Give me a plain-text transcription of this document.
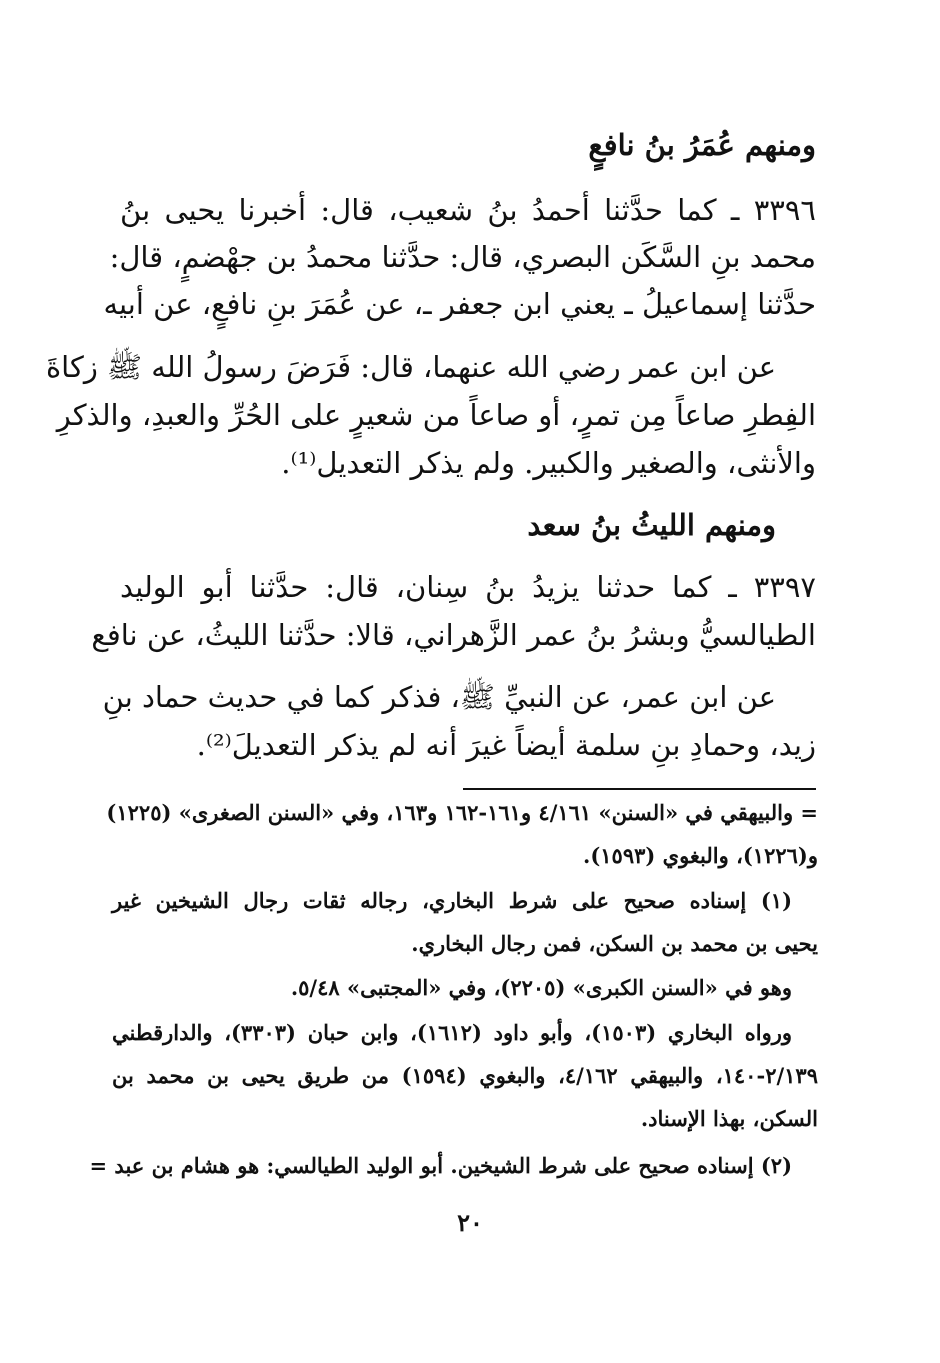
ومنهم عُمَرُ بنُ نافعٍ
٣٣٩٦ ـ كما حدَّثنا أحمدُ بنُ شعيب، قال: أخبرنا يحيى بنُ
محمد بنِ السَّكَن البصري، قال: حدَّثنا محمدُ بن جهْضمٍ، قال:
حدَّثنا إسماعيلُ ـ يعني ابن جعفر ـ، عن عُمَرَ بنِ نافعٍ، عن أبيه
عن ابن عمر رضي الله عنهما، قال: فَرَضَ رسولُ الله ﷺ زكاةَ
الفِطرِ صاعاً مِن تمرٍ، أو صاعاً من شعيرٍ على الحُرِّ والعبدِ، والذكرِ
والأنثى، والصغير والكبير. ولم يذكر التعديل⁽¹⁾.
ومنهم الليثُ بنُ سعد
٣٣٩٧ ـ كما حدثنا يزيدُ بنُ سِنان، قال: حدَّثنا أبو الوليد
الطيالسيُّ وبشرُ بنُ عمر الزَّهراني، قالا: حدَّثنا الليثُ، عن نافع
عن ابن عمر، عن النبيِّ ﷺ، فذكر كما في حديث حماد بنِ
زيد، وحمادِ بنِ سلمة أيضاً غيرَ أنه لم يذكر التعديلَ⁽²⁾.
= والبيهقي في «السنن» ٤/١٦١ و١٦١-١٦٢ و١٦٣، وفي «السنن الصغرى» (١٢٢٥)
و(١٢٢٦)، والبغوي (١٥٩٣).
(١) إسناده صحيح على شرط البخاري، رجاله ثقات رجال الشيخين غير
يحيى بن محمد بن السكن، فمن رجال البخاري.
وهو في «السنن الكبرى» (٢٢٠٥)، وفي «المجتبى» ٥/٤٨.
ورواه البخاري (١٥٠٣)، وأبو داود (١٦١٢)، وابن حبان (٣٣٠٣)، والدارقطني
٢/١٣٩-١٤٠، والبيهقي ٤/١٦٢، والبغوي (١٥٩٤) من طريق يحيى بن محمد بن
السكن، بهذا الإسناد.
(٢) إسناده صحيح على شرط الشيخين. أبو الوليد الطيالسي: هو هشام بن عبد =
٢٠
